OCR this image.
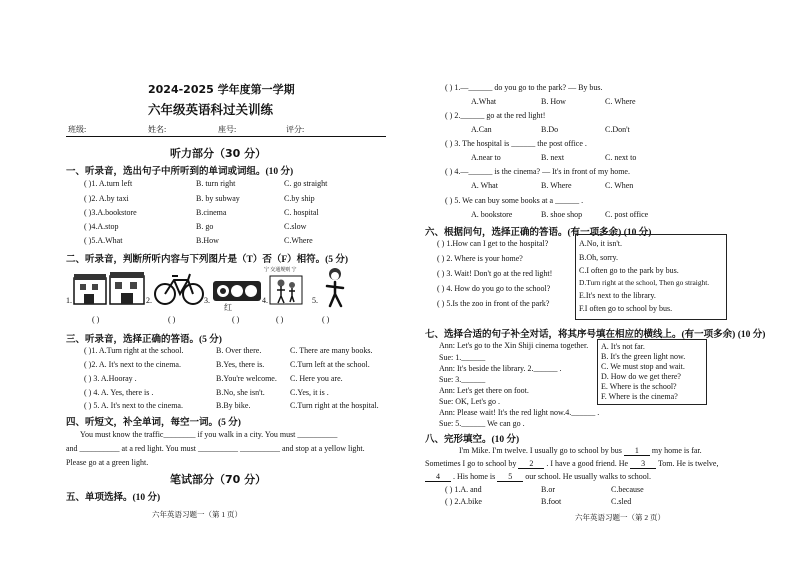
2024-2025 学年度第一学期
六年级英语科过关训练
班级:	姓名:	座号:	评分:
听力部分（30 分）
一、听录音，选出句子中所听到的单词或词组。(10 分)
( )1. A.turn left	B. turn right	C. go straight
( )2. A.by taxi	B. by subway	C.by ship
( )3.A.bookstore	B.cinema	C. hospital
( )4.A.stop	B. go	C.slow
( )5.A.What	B.How	C.Where
二、听录音，判断所听内容与下列图片是（T）否（F）相符。(5 分)
1.	2.	3.
红
4.
宁 交通规则 宁
5.
( )	( )	( )	( )	( )
三、听录音，选择正确的答语。(5 分)
( )1. A.Turn right at the school.	B. Over there.	C. There are many books.
( )2. A. It's next to the cinema.	B.Yes, there is.	C.Turn left at the school.
( ) 3. A.Hooray .	B.You're welcome. C. Here you are.
( ) 4. A. Yes, there is .	B.No, she isn't.	C.Yes, it is .
( ) 5. A. It's next to the cinema.	B.By bike.	C.Turn right at the hospital.
四、听短文，补全单词，每空一词。(5 分)
You must know the traffic________ if you walk in a city. You must __________
and __________ at a red light. You must __________ __________ and stop at a yellow light.
Please go at a green light.
笔试部分（70 分）
五、单项选择。(10 分)
六年英语习题一（第 1 页）
( ) 1.—______ do you go to the park? — By bus.
A.What	B. How	C. Where
( ) 2.______ go at the red light!
A.Can	B.Do	C.Don't
( ) 3. The hospital is ______ the post office .
A.near to	B. next	C. next to
( ) 4.—______ is the cinema? — It's in front of my home.
A. What	B. Where	C. When
( ) 5. We can buy some books at a ______ .
A. bookstore	B. shoe shop	C. post office
六、根据问句，选择正确的答语。(有一项多余) (10 分)
( ) 1.How can I get to the hospital?
( ) 2. Where is your home?
( ) 3. Wait! Don't go at the red light!
( ) 4. How do you go to the school?
( ) 5.Is the zoo in front of the park?
A.No, it isn't.
B.Oh, sorry.
C.I often go to the park by bus.
D.Turn right at the school, Then go straight.
E.It's next to the library.
F.I often go to school by bus.
七、选择合适的句子补全对话，将其序号填在相应的横线上。(有一项多余) (10 分)
Ann: Let's go to the Xin Shiji cinema together.
Sue: 1.______
Ann: It's beside the library. 2.______ .
Sue: 3.______
Ann: Let's get there on foot.
Sue: OK, Let's go .
Ann: Please wait! It's the red light now.4.______ .
Sue: 5.______ We can go .
A. It's not far.
B. It's the green light now.
C. We must stop and wait.
D. How do we get there?
E. Where is the school?
F. Where is the cinema?
八、完形填空。(10 分)
I'm Mike. I'm twelve. I usually go to school by bus 1 my home is far.
Sometimes I go to school by 2 . I have a good friend. He 3 Tom. He is twelve,
4 . His home is 5 our school. He usually walks to school.
( ) 1.A. and	B.or	C.because
( ) 2.A.bike	B.foot	C.sled
六年英语习题一（第 2 页）
